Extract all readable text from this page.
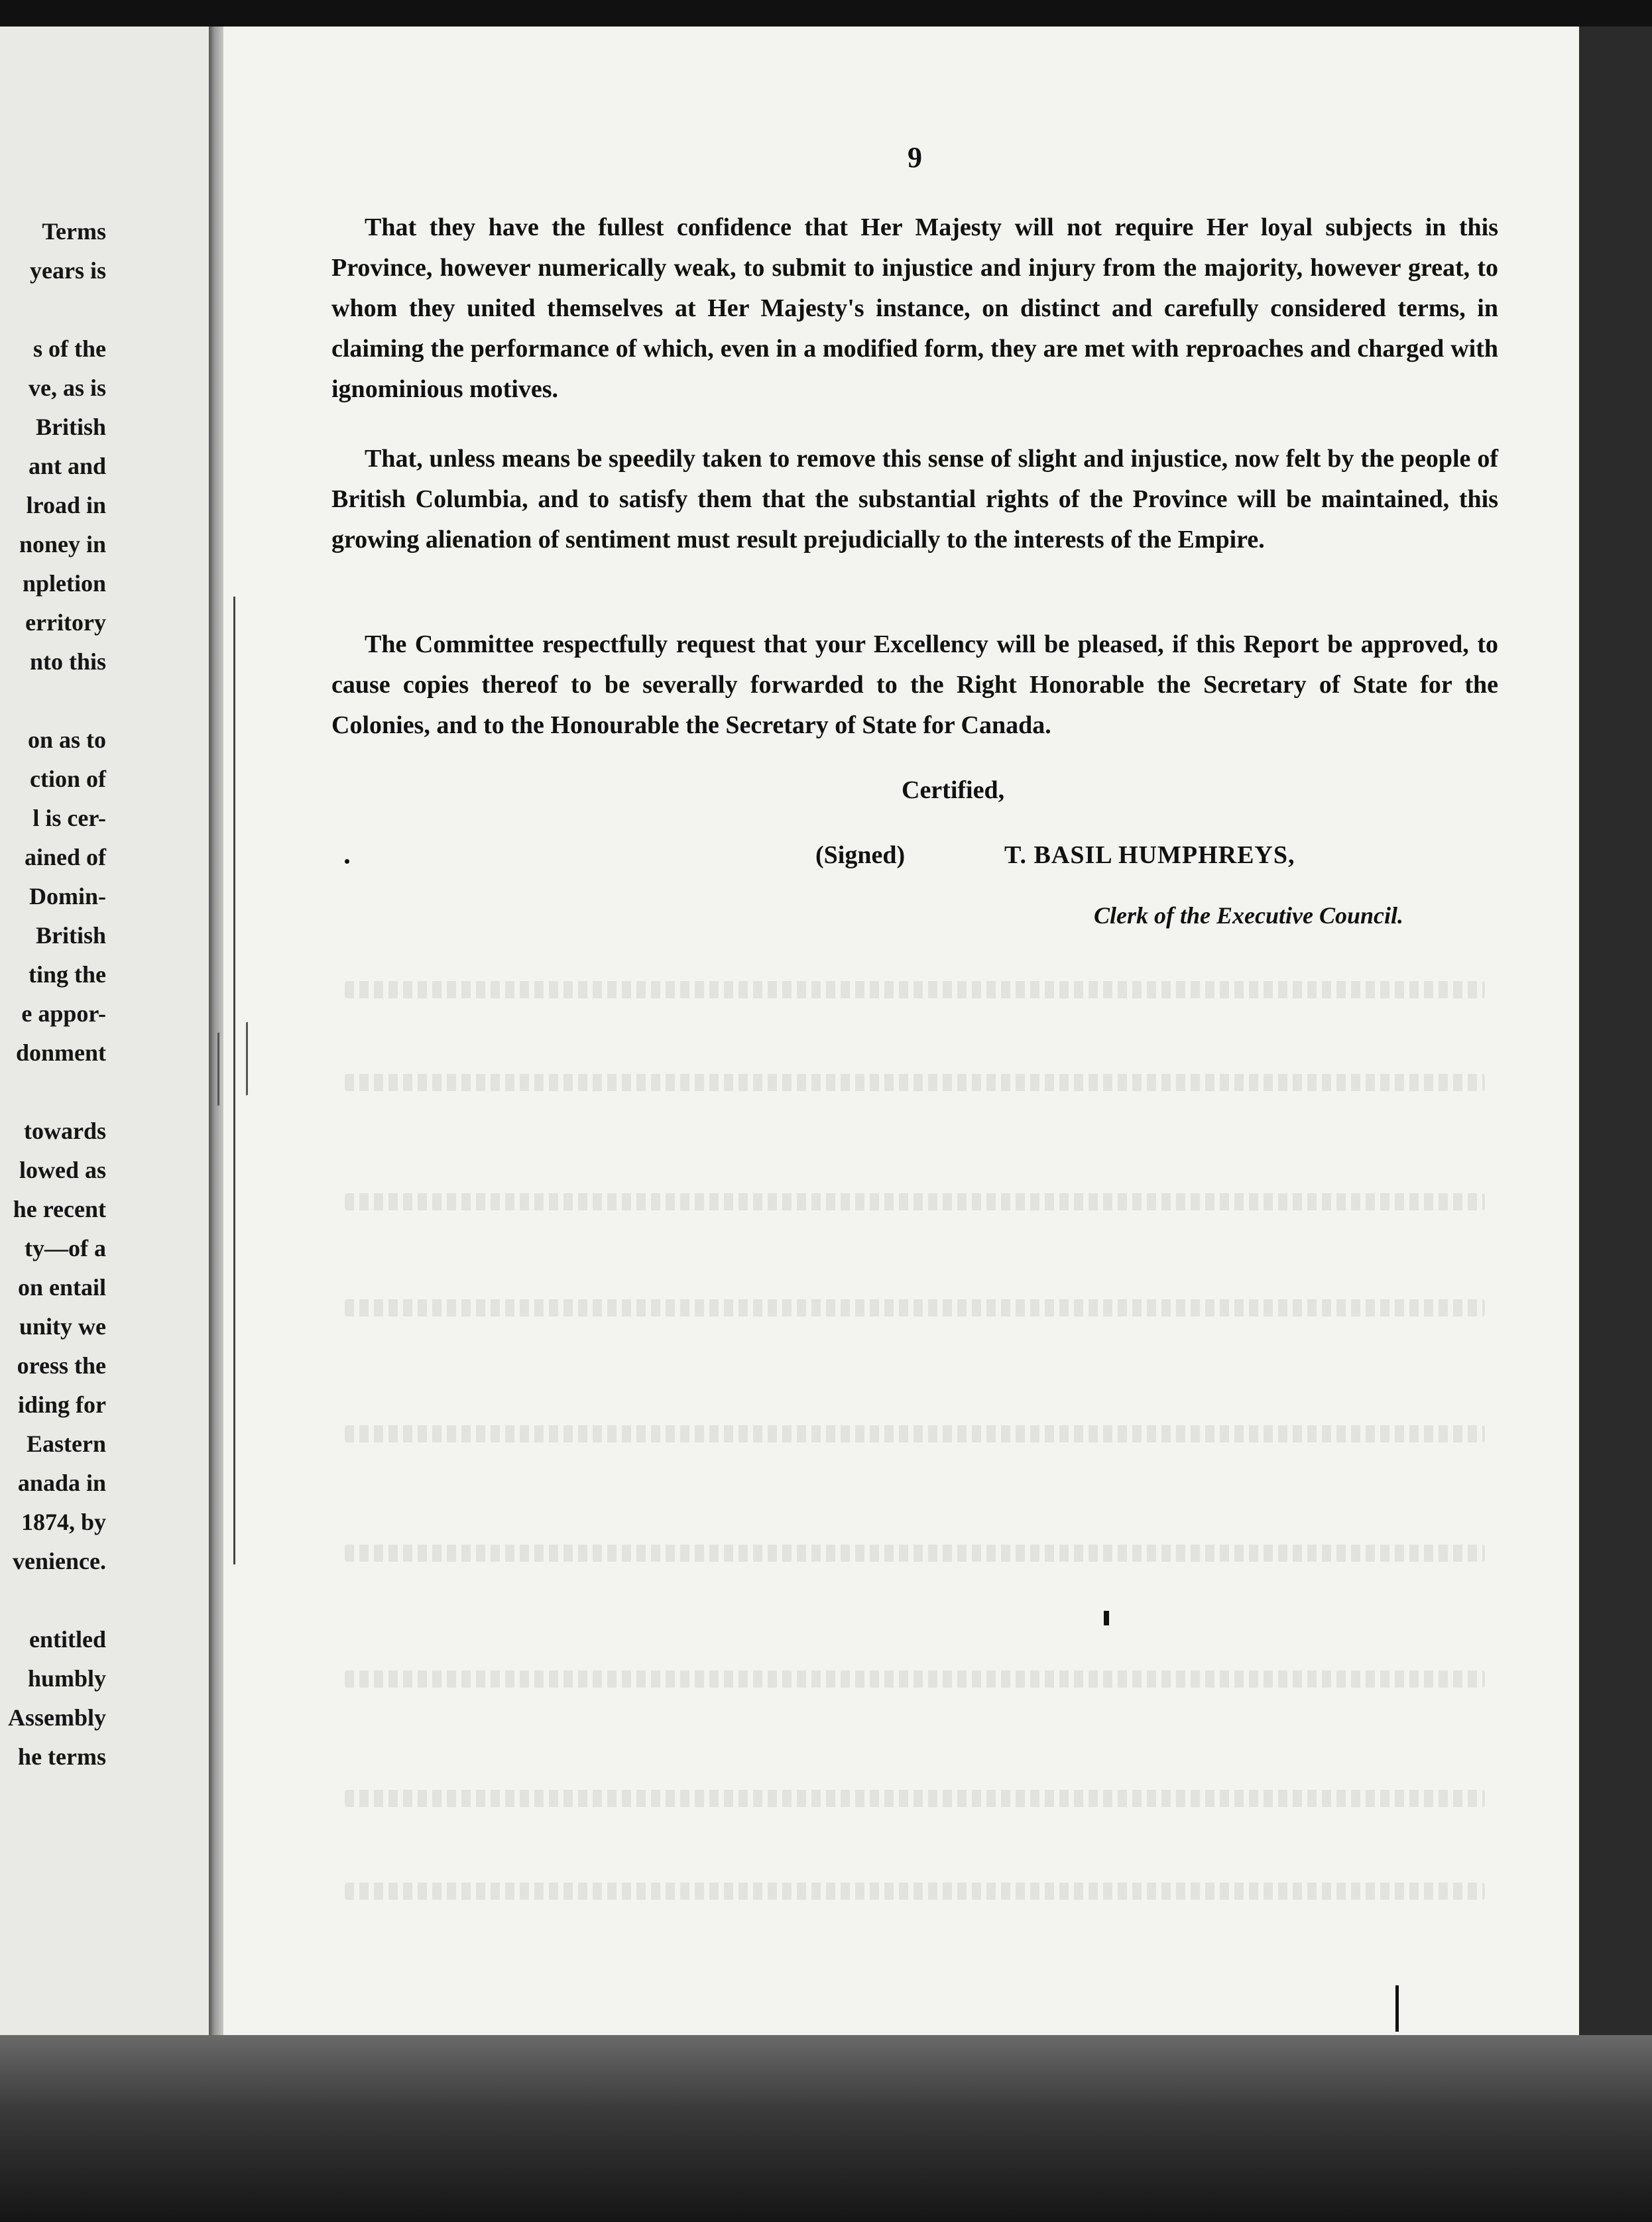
Terms
years is
s of the
ve, as is
British
ant and
lroad in
noney in
npletion
erritory
nto this
on as to
ction of
l is cer-
ained of
Domin-
British
ting the
e appor-
donment
towards
lowed as
he recent
ty—of a
on entail
unity we
oress the
iding for
Eastern
anada in
1874, by
venience.
entitled
humbly
Assembly
he terms
9

That they have the fullest confidence that Her Majesty will not require Her loyal subjects in this Province, however numerically weak, to submit to injustice and injury from the majority, however great, to whom they united themselves at Her Majesty's instance, on distinct and carefully considered terms, in claiming the performance of which, even in a modified form, they are met with reproaches and charged with ignominious motives.

That, unless means be speedily taken to remove this sense of slight and injustice, now felt by the people of British Columbia, and to satisfy them that the substantial rights of the Province will be maintained, this growing alienation of sentiment must result prejudicially to the interests of the Empire.

The Committee respectfully request that your Excellency will be pleased, if this Report be approved, to cause copies thereof to be severally forwarded to the Right Honorable the Secretary of State for the Colonies, and to the Honourable the Secretary of State for Canada.

Certified,
(Signed)	T. BASIL HUMPHREYS,
Clerk of the Executive Council.
